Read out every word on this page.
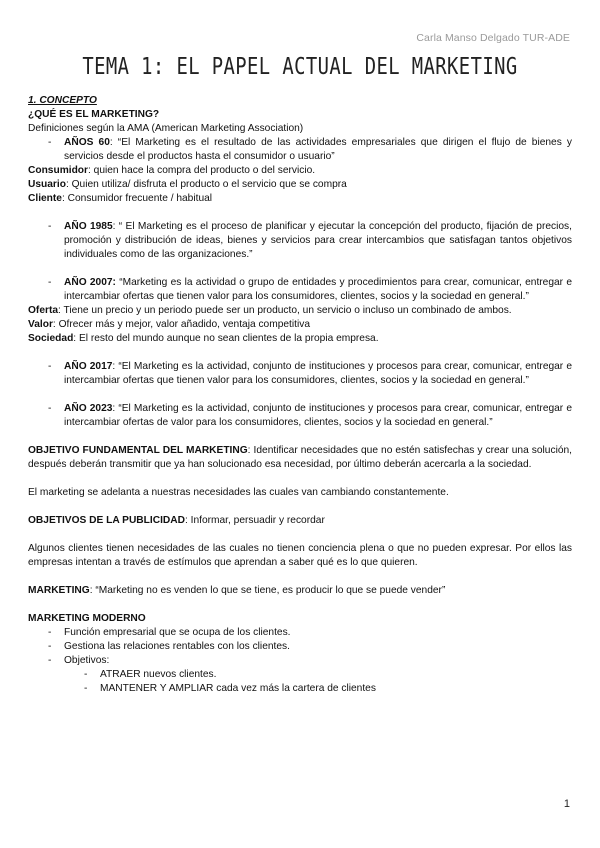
Carla Manso Delgado TUR-ADE
TEMA 1: EL PAPEL ACTUAL DEL MARKETING

1. CONCEPTO

¿QUÉ ES EL MARKETING?

Definiciones según la AMA (American Marketing Association)

- AÑOS 60: “El Marketing es el resultado de las actividades empresariales que dirigen el flujo de bienes y servicios desde el productos hasta el consumidor o usuario”

Consumidor: quien hace la compra del producto o del servicio.

Usuario: Quien utiliza/ disfruta el producto o el servicio que se compra

Cliente: Consumidor frecuente / habitual

- AÑO 1985: “ El Marketing es el proceso de planificar y ejecutar la concepción del producto, fijación de precios, promoción y distribución de ideas, bienes y servicios para crear intercambios que satisfagan tantos objetivos individuales como de las organizaciones.”
- AÑO 2007: “Marketing es la actividad o grupo de entidades y procedimientos para crear, comunicar, entregar e intercambiar ofertas que tienen valor para los consumidores, clientes, socios y la sociedad en general.”

Oferta: Tiene un precio y un periodo puede ser un producto, un servicio o incluso un combinado de ambos.

Valor: Ofrecer más y mejor, valor añadido, ventaja competitiva

Sociedad: El resto del mundo aunque no sean clientes de la propia empresa.

- AÑO 2017: “El Marketing es la actividad, conjunto de instituciones y procesos para crear, comunicar, entregar e intercambiar ofertas que tienen valor para los consumidores, clientes, socios y la sociedad en general.”
- AÑO 2023: “El Marketing es la actividad, conjunto de instituciones y procesos para crear, comunicar, entregar e intercambiar ofertas de valor para los consumidores, clientes, socios y la sociedad en general.”

OBJETIVO FUNDAMENTAL DEL MARKETING: Identificar necesidades que no estén satisfechas y crear una solución, después deberán transmitir que ya han solucionado esa necesidad, por último deberán acercarla a la sociedad.

El marketing se adelanta a nuestras necesidades las cuales van cambiando constantemente.

OBJETIVOS DE LA PUBLICIDAD: Informar, persuadir y recordar

Algunos clientes tienen necesidades de las cuales no tienen conciencia plena o que no pueden expresar. Por ellos las empresas intentan a través de estímulos que aprendan a saber qué es lo que quieren.

MARKETING: “Marketing no es venden lo que se tiene, es producir lo que se puede vender”

MARKETING MODERNO

- Función empresarial que se ocupa de los clientes.
- Gestiona las relaciones rentables con los clientes.
- Objetivos:
- ATRAER nuevos clientes.
- MANTENER Y AMPLIAR cada vez más la cartera de clientes
1
